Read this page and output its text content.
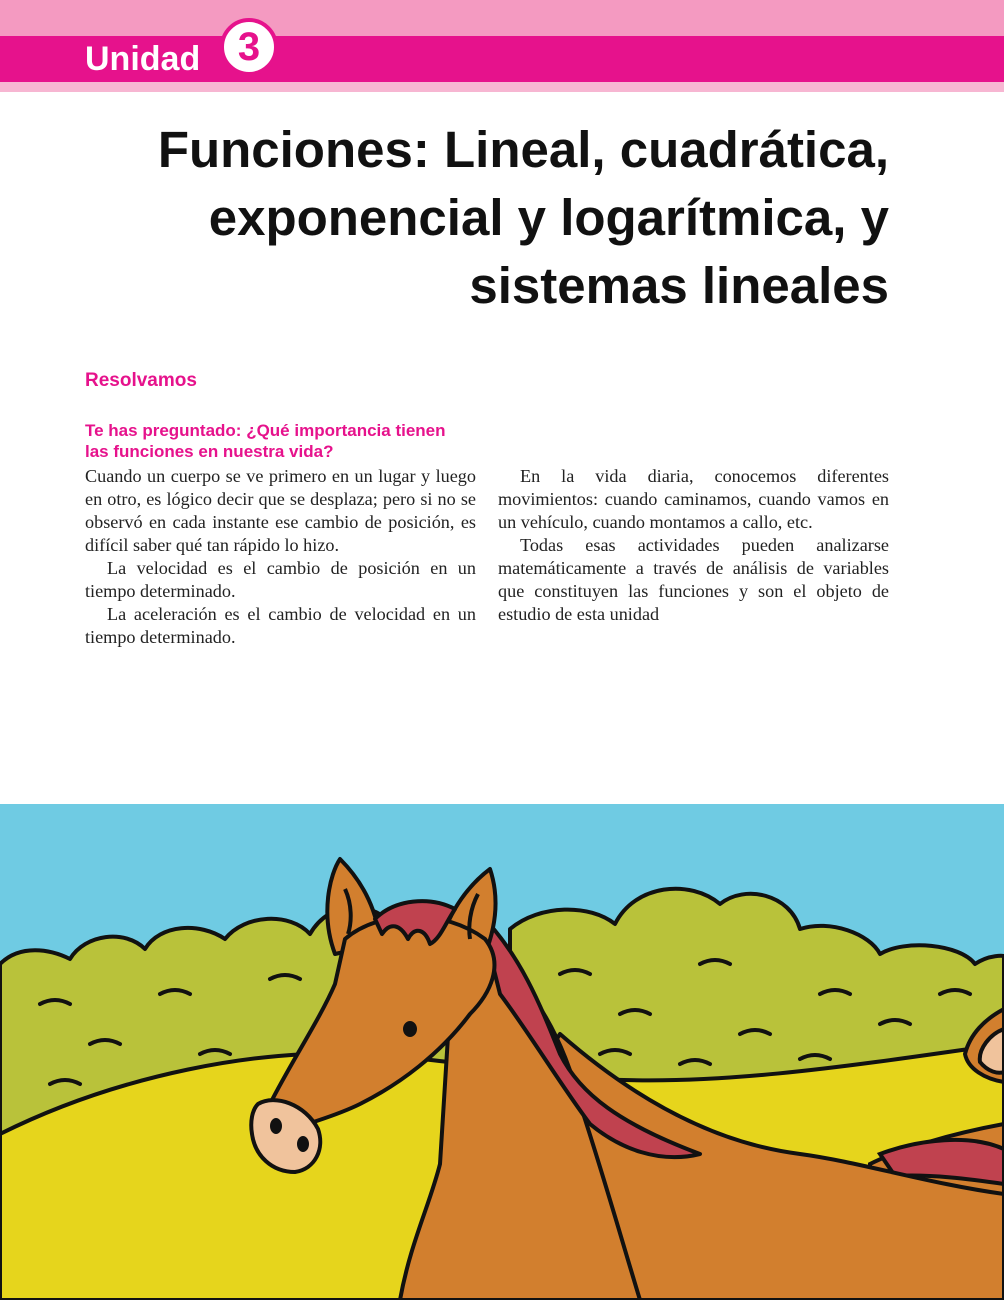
Unidad 3
Funciones: Lineal, cuadrática,
exponencial y logarítmica, y
sistemas lineales
Resolvamos
Te has preguntado: ¿Qué importancia tienen
las funciones en nuestra vida?

Cuando un cuerpo se ve primero en un lugar y luego en otro, es lógico decir que se desplaza; pero si no se observó en cada instante ese cambio de posición, es difícil saber qué tan rápido lo hizo.

La velocidad es el cambio de posición en un tiempo determinado.

La aceleración es el cambio de velocidad en un tiempo determinado.

En la vida diaria, conocemos diferentes movimientos: cuando caminamos, cuando vamos en un vehículo, cuando montamos a callo, etc.

Todas esas actividades pueden analizarse matemáticamente a través de análisis de variables que constituyen las funciones y son el objeto de estudio de esta unidad
